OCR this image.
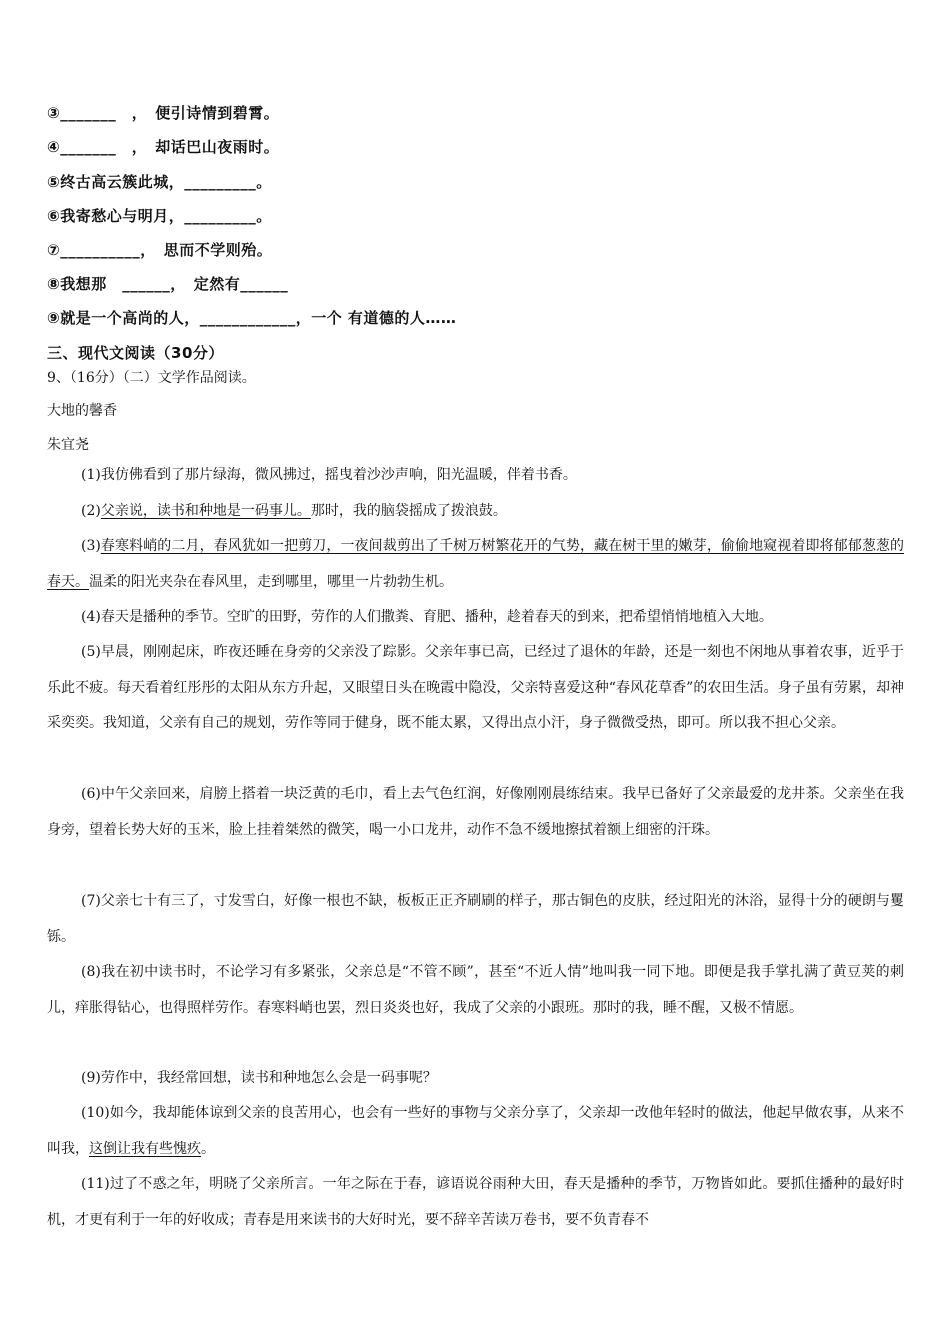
③_______　，　便引诗情到碧霄。
④_______　，　却话巴山夜雨时。
⑤终古高云簇此城，_________。
⑥我寄愁心与明月，_________。
⑦__________，　思而不学则殆。
⑧我想那　______，　定然有______
⑨就是一个高尚的人，____________，一个 有道德的人……
三、现代文阅读（30分）
9、（16分）（二）文学作品阅读。
大地的馨香
朱宜尧
(1)我仿佛看到了那片绿海，微风拂过，摇曳着沙沙声响，阳光温暖，伴着书香。
(2)父亲说，读书和种地是一码事儿。那时，我的脑袋摇成了拨浪鼓。
(3)春寒料峭的二月，春风犹如一把剪刀，一夜间裁剪出了千树万树繁花开的气势，藏在树干里的嫩芽，偷偷地窥视着即将郁郁葱葱的春天。温柔的阳光夹杂在春风里，走到哪里，哪里一片勃勃生机。
(4)春天是播种的季节。空旷的田野，劳作的人们撒粪、育肥、播种，趁着春天的到来，把希望悄悄地植入大地。
(5)早晨，刚刚起床，昨夜还睡在身旁的父亲没了踪影。父亲年事已高，已经过了退休的年龄，还是一刻也不闲地从事着农事，近乎于乐此不疲。每天看着红彤彤的太阳从东方升起，又眼望日头在晚霞中隐没，父亲特喜爱这种“春风花草香”的农田生活。身子虽有劳累，却神采奕奕。我知道，父亲有自己的规划，劳作等同于健身，既不能太累，又得出点小汗，身子微微受热，即可。所以我不担心父亲。
(6)中午父亲回来，肩膀上搭着一块泛黄的毛巾，看上去气色红润，好像刚刚晨练结束。我早已备好了父亲最爱的龙井茶。父亲坐在我身旁，望着长势大好的玉米，脸上挂着桀然的微笑，喝一小口龙井，动作不急不缓地擦拭着额上细密的汗珠。
(7)父亲七十有三了，寸发雪白，好像一根也不缺，板板正正齐刷刷的样子，那古铜色的皮肤，经过阳光的沐浴，显得十分的硬朗与矍铄。
(8)我在初中读书时，不论学习有多紧张，父亲总是“不管不顾”，甚至“不近人情”地叫我一同下地。即便是我手掌扎满了黄豆荚的刺儿，痒胀得钻心，也得照样劳作。春寒料峭也罢，烈日炎炎也好，我成了父亲的小跟班。那时的我，睡不醒，又极不情愿。
(9)劳作中，我经常回想，读书和种地怎么会是一码事呢？
(10)如今，我却能体谅到父亲的良苦用心，也会有一些好的事物与父亲分享了，父亲却一改他年轻时的做法，他起早做农事，从来不叫我，这倒让我有些愧疚。
(11)过了不惑之年，明晓了父亲所言。一年之际在于春，谚语说谷雨种大田，春天是播种的季节，万物皆如此。要抓住播种的最好时机，才更有利于一年的好收成；青春是用来读书的大好时光，要不辞辛苦读万卷书，要不负青春不
